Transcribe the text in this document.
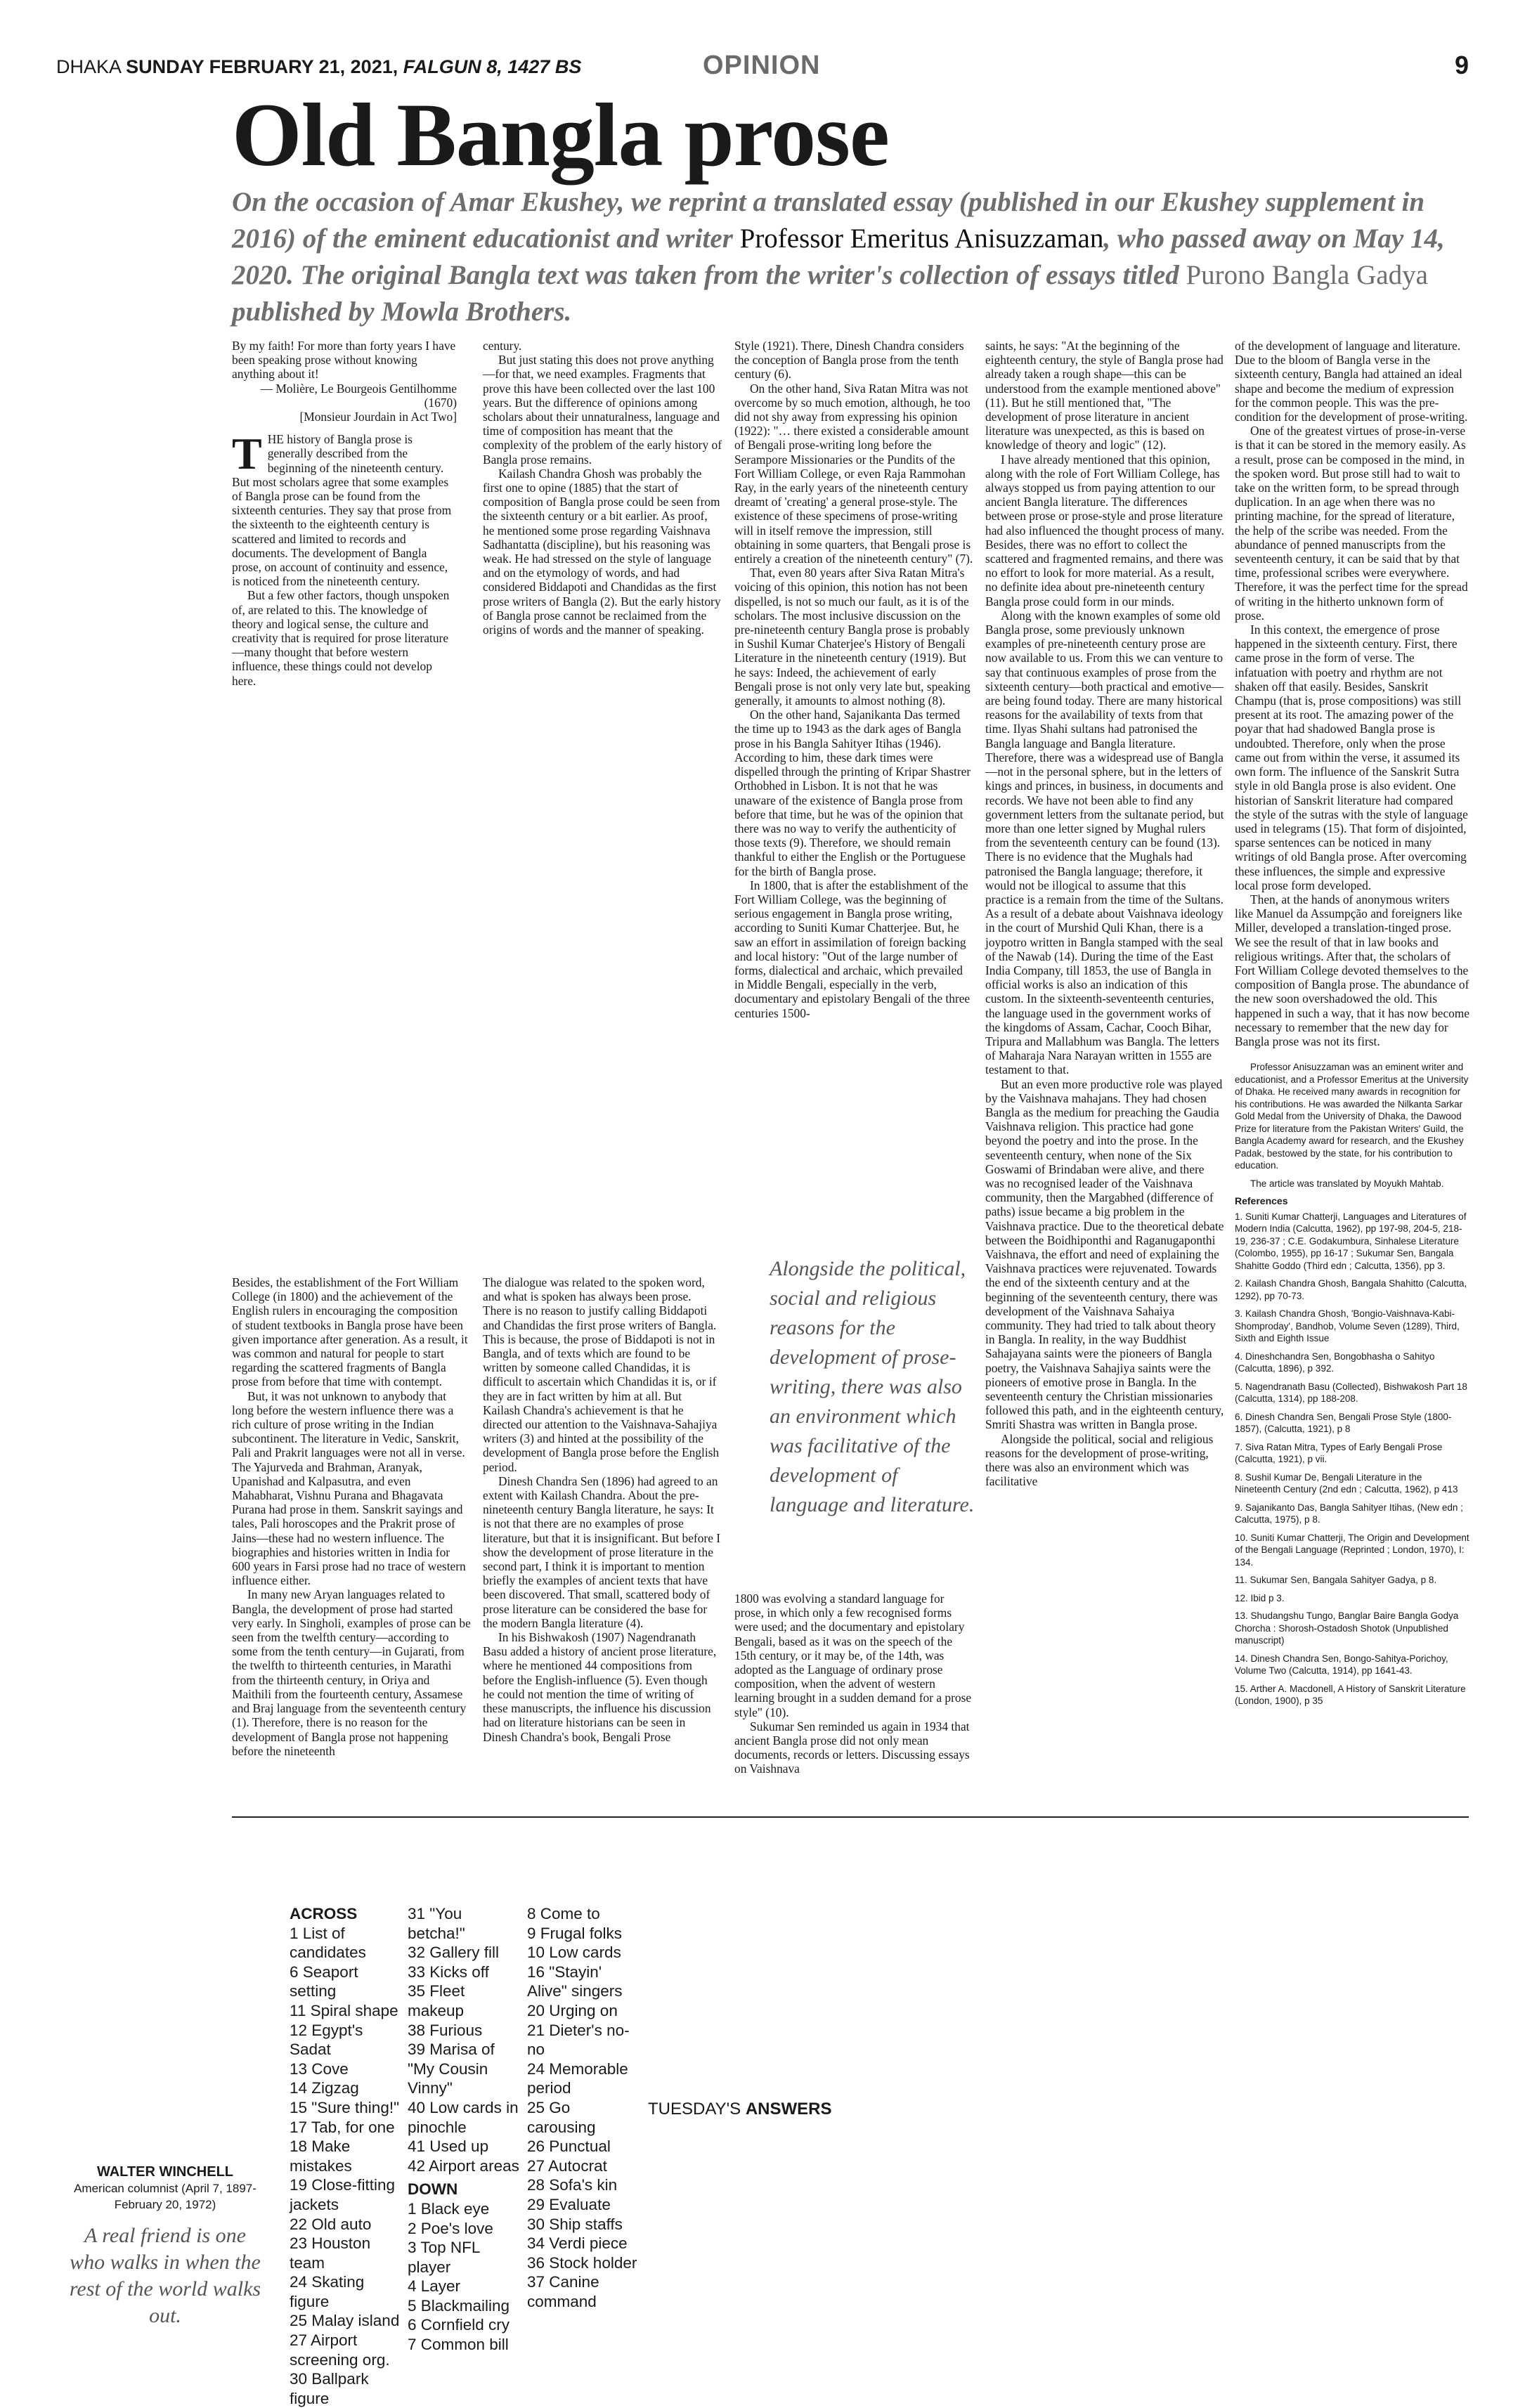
DHAKA SUNDAY FEBRUARY 21, 2021, FALGUN 8, 1427 BS	OPINION	9
Old Bangla prose
On the occasion of Amar Ekushey, we reprint a translated essay (published in our Ekushey supplement in 2016) of the eminent educationist and writer Professor Emeritus Anisuzzaman, who passed away on May 14, 2020. The original Bangla text was taken from the writer's collection of essays titled Purono Bangla Gadya published by Mowla Brothers.
By my faith! For more than forty years I have been speaking prose without knowing anything about it!
— Molière, Le Bourgeois Gentilhomme (1670)
[Monsieur Jourdain in Act Two]
T HE history of Bangla prose is generally described from the beginning of the nineteenth century. But most scholars agree that some examples of Bangla prose can be found from the sixteenth centuries. They say that prose from the sixteenth to the eighteenth century is scattered and limited to records and documents. The development of Bangla prose, on account of continuity and essence, is noticed from the nineteenth century.

But a few other factors, though unspoken of, are related to this. The knowledge of theory and logical sense, the culture and creativity that is required for prose literature—many thought that before western influence, these things could not develop here.

century.

But just stating this does not prove anything—for that, we need examples. Fragments that prove this have been collected over the last 100 years. But the difference of opinions among scholars about their unnaturalness, language and time of composition has meant that the complexity of the problem of the early history of Bangla prose remains.

Kailash Chandra Ghosh was probably the first one to opine (1885) that the start of composition of Bangla prose could be seen from the sixteenth century or a bit earlier. As proof, he mentioned some prose regarding Vaishnava Sadhantatta (discipline), but his reasoning was weak. He had stressed on the style of language and on the etymology of words, and had considered Biddapoti and Chandidas as the first prose writers of Bangla (2). But the early history of Bangla prose cannot be reclaimed from the origins of words and the manner of speaking.

Style (1921). There, Dinesh Chandra considers the conception of Bangla prose from the tenth century (6).

On the other hand, Siva Ratan Mitra was not overcome by so much emotion, although, he too did not shy away from expressing his opinion (1922): "… there existed a considerable amount of Bengali prose-writing long before the Serampore Missionaries or the Pundits of the Fort William College, or even Raja Rammohan Ray, in the early years of the nineteenth century dreamt of 'creating' a general prose-style. The existence of these specimens of prose-writing will in itself remove the impression, still obtaining in some quarters, that Bengali prose is entirely a creation of the nineteenth century" (7).

That, even 80 years after Siva Ratan Mitra's voicing of this opinion, this notion has not been dispelled, is not so much our fault, as it is of the scholars. The most inclusive discussion on the pre-nineteenth century Bangla prose is probably in Sushil Kumar Chaterjee's History of Bengali Literature in the nineteenth century (1919). But he says: Indeed, the achievement of early Bengali prose is not only very late but, speaking generally, it amounts to almost nothing (8).

On the other hand, Sajanikanta Das termed the time up to 1943 as the dark ages of Bangla prose in his Bangla Sahityer Itihas (1946). According to him, these dark times were dispelled through the printing of Kripar Shastrer Orthobhed in Lisbon. It is not that he was unaware of the existence of Bangla prose from before that time, but he was of the opinion that there was no way to verify the authenticity of those texts (9). Therefore, we should remain thankful to either the English or the Portuguese for the birth of Bangla prose.

In 1800, that is after the establishment of the Fort William College, was the beginning of serious engagement in Bangla prose writing, according to Suniti Kumar Chatterjee. But, he saw an effort in assimilation of foreign backing and local history: "Out of the large number of forms, dialectical and archaic, which prevailed in Middle Bengali, especially in the verb, documentary and epistolary Bengali of the three centuries 1500-

saints, he says: "At the beginning of the eighteenth century, the style of Bangla prose had already taken a rough shape—this can be understood from the example mentioned above" (11). But he still mentioned that, "The development of prose literature in ancient literature was unexpected, as this is based on knowledge of theory and logic" (12).

I have already mentioned that this opinion, along with the role of Fort William College, has always stopped us from paying attention to our ancient Bangla literature. The differences between prose or prose-style and prose literature had also influenced the thought process of many. Besides, there was no effort to collect the scattered and fragmented remains, and there was no effort to look for more material. As a result, no definite idea about pre-nineteenth century Bangla prose could form in our minds.

Along with the known examples of some old Bangla prose, some previously unknown examples of pre-nineteenth century prose are now available to us. From this we can venture to say that continuous examples of prose from the sixteenth century—both practical and emotive—are being found today. There are many historical reasons for the availability of texts from that time. Ilyas Shahi sultans had patronised the Bangla language and Bangla literature. Therefore, there was a widespread use of Bangla—not in the personal sphere, but in the letters of kings and princes, in business, in documents and records. We have not been able to find any government letters from the sultanate period, but more than one letter signed by Mughal rulers from the seventeenth century can be found (13). There is no evidence that the Mughals had patronised the Bangla language; therefore, it would not be illogical to assume that this practice is a remain from the time of the Sultans. As a result of a debate about Vaishnava ideology in the court of Murshid Quli Khan, there is a joypotro written in Bangla stamped with the seal of the Nawab (14). During the time of the East India Company, till 1853, the use of Bangla in official works is also an indication of this custom. In the sixteenth-seventeenth centuries, the language used in the government works of the kingdoms of Assam, Cachar, Cooch Bihar, Tripura and Mallabhum was Bangla. The letters of Maharaja Nara Narayan written in 1555 are testament to that.

But an even more productive role was played by the Vaishnava mahajans. They had chosen Bangla as the medium for preaching the Gaudia Vaishnava religion. This practice had gone beyond the poetry and into the prose. In the seventeenth century, when none of the Six Goswami of Brindaban were alive, and there was no recognised leader of the Vaishnava community, then the Margabhed (difference of paths) issue became a big problem in the Vaishnava practice. Due to the theoretical debate between the Boidhiponthi and Raganugaponthi Vaishnava, the effort and need of explaining the Vaishnava practices were rejuvenated. Towards the end of the sixteenth century and at the beginning of the seventeenth century, there was development of the Vaishnava Sahaiya community. They had tried to talk about theory in Bangla. In reality, in the way Buddhist Sahajayana saints were the pioneers of Bangla poetry, the Vaishnava Sahajiya saints were the pioneers of emotive prose in Bangla. In the seventeenth century the Christian missionaries followed this path, and in the eighteenth century, Smriti Shastra was written in Bangla prose.

Alongside the political, social and religious reasons for the development of prose-writing, there was also an environment which was facilitative

of the development of language and literature. Due to the bloom of Bangla verse in the sixteenth century, Bangla had attained an ideal shape and become the medium of expression for the common people. This was the pre-condition for the development of prose-writing.

One of the greatest virtues of prose-in-verse is that it can be stored in the memory easily. As a result, prose can be composed in the mind, in the spoken word. But prose still had to wait to take on the written form, to be spread through duplication. In an age when there was no printing machine, for the spread of literature, the help of the scribe was needed. From the abundance of penned manuscripts from the seventeenth century, it can be said that by that time, professional scribes were everywhere. Therefore, it was the perfect time for the spread of writing in the hitherto unknown form of prose.

In this context, the emergence of prose happened in the sixteenth century. First, there came prose in the form of verse. The infatuation with poetry and rhythm are not shaken off that easily. Besides, Sanskrit Champu (that is, prose compositions) was still present at its root. The amazing power of the poyar that had shadowed Bangla prose is undoubted. Therefore, only when the prose came out from within the verse, it assumed its own form. The influence of the Sanskrit Sutra style in old Bangla prose is also evident. One historian of Sanskrit literature had compared the style of the sutras with the style of language used in telegrams (15). That form of disjointed, sparse sentences can be noticed in many writings of old Bangla prose. After overcoming these influences, the simple and expressive local prose form developed.

Then, at the hands of anonymous writers like Manuel da Assumpção and foreigners like Miller, developed a translation-tinged prose. We see the result of that in law books and religious writings. After that, the scholars of Fort William College devoted themselves to the composition of Bangla prose. The abundance of the new soon overshadowed the old. This happened in such a way, that it has now become necessary to remember that the new day for Bangla prose was not its first.

Professor Anisuzzaman was an eminent writer and educationist, and a Professor Emeritus at the University of Dhaka. He received many awards in recognition for his contributions. He was awarded the Nilkanta Sarkar Gold Medal from the University of Dhaka, the Dawood Prize for literature from the Pakistan Writers' Guild, the Bangla Academy award for research, and the Ekushey Padak, bestowed by the state, for his contribution to education.

The article was translated by Moyukh Mahtab.

References
1. Suniti Kumar Chatterji, Languages and Literatures of Modern India (Calcutta, 1962), pp 197-98, 204-5, 218-19, 236-37 ; C.E. Godakumbura, Sinhalese Literature (Colombo, 1955), pp 16-17 ; Sukumar Sen, Bangala Shahitte Goddo (Third edn ; Calcutta, 1356), pp 3.
2. Kailash Chandra Ghosh, Bangala Shahitto (Calcutta, 1292), pp 70-73.
3. Kailash Chandra Ghosh, 'Bongio-Vaishnava-Kabi-Shomproday', Bandhob, Volume Seven (1289), Third, Sixth and Eighth Issue
4. Dineshchandra Sen, Bongobhasha o Sahityo (Calcutta, 1896), p 392.
5. Nagendranath Basu (Collected), Bishwakosh Part 18 (Calcutta, 1314), pp 188-208.
6. Dinesh Chandra Sen, Bengali Prose Style (1800-1857), (Calcutta, 1921), p 8
7. Siva Ratan Mitra, Types of Early Bengali Prose (Calcutta, 1921), p vii.
8. Sushil Kumar De, Bengali Literature in the Nineteenth Century (2nd edn ; Calcutta, 1962), p 413
9. Sajanikanto Das, Bangla Sahityer Itihas, (New edn ; Calcutta, 1975), p 8.
10. Suniti Kumar Chatterji, The Origin and Development of the Bengali Language (Reprinted ; London, 1970), I: 134.
11. Sukumar Sen, Bangala Sahityer Gadya, p 8.
12. Ibid p 3.
13. Shudangshu Tungo, Banglar Baire Bangla Godya Chorcha : Shorosh-Ostadosh Shotok (Unpublished manuscript)
14. Dinesh Chandra Sen, Bongo-Sahitya-Porichoy, Volume Two (Calcutta, 1914), pp 1641-43.
15. Arther A. Macdonell, A History of Sanskrit Literature (London, 1900), p 35

Besides, the establishment of the Fort William College (in 1800) and the achievement of the English rulers in encouraging the composition of student textbooks in Bangla prose have been given importance after generation. As a result, it was common and natural for people to start regarding the scattered fragments of Bangla prose from before that time with contempt.

But, it was not unknown to anybody that long before the western influence there was a rich culture of prose writing in the Indian subcontinent. The literature in Vedic, Sanskrit, Pali and Prakrit languages were not all in verse. The Yajurveda and Brahman, Aranyak, Upanishad and Kalpasutra, and even Mahabharat, Vishnu Purana and Bhagavata Purana had prose in them. Sanskrit sayings and tales, Pali horoscopes and the Prakrit prose of Jains—these had no western influence. The biographies and histories written in India for 600 years in Farsi prose had no trace of western influence either.

In many new Aryan languages related to Bangla, the development of prose had started very early. In Singholi, examples of prose can be seen from the twelfth century—according to some from the tenth century—in Gujarati, from the twelfth to thirteenth centuries, in Marathi from the thirteenth century, in Oriya and Maithili from the fourteenth century, Assamese and Braj language from the seventeenth century (1). Therefore, there is no reason for the development of Bangla prose not happening before the nineteenth

The dialogue was related to the spoken word, and what is spoken has always been prose. There is no reason to justify calling Biddapoti and Chandidas the first prose writers of Bangla. This is because, the prose of Biddapoti is not in Bangla, and of texts which are found to be written by someone called Chandidas, it is difficult to ascertain which Chandidas it is, or if they are in fact written by him at all. But Kailash Chandra's achievement is that he directed our attention to the Vaishnava-Sahajiya writers (3) and hinted at the possibility of the development of Bangla prose before the English period.

Dinesh Chandra Sen (1896) had agreed to an extent with Kailash Chandra. About the pre-nineteenth century Bangla literature, he says: It is not that there are no examples of prose literature, but that it is insignificant. But before I show the development of prose literature in the second part, I think it is important to mention briefly the examples of ancient texts that have been discovered. That small, scattered body of prose literature can be considered the base for the modern Bangla literature (4).

In his Bishwakosh (1907) Nagendranath Basu added a history of ancient prose literature, where he mentioned 44 compositions from before the English-influence (5). Even though he could not mention the time of writing of these manuscripts, the influence his discussion had on literature historians can be seen in Dinesh Chandra's book, Bengali Prose

Alongside the political, social and religious reasons for the development of prose-writing, there was also an environment which was facilitative of the development of language and literature.

1800 was evolving a standard language for prose, in which only a few recognised forms were used; and the documentary and epistolary Bengali, based as it was on the speech of the 15th century, or it may be, of the 14th, was adopted as the Language of ordinary prose composition, when the advent of western learning brought in a sudden demand for a prose style" (10).

Sukumar Sen reminded us again in 1934 that ancient Bangla prose did not only mean documents, records or letters. Discussing essays on Vaishnava

WALTER WINCHELL
American columnist (April 7, 1897-February 20, 1972)
A real friend is one who walks in when the rest of the world walks out.
ACROSS
1 List of candidates
6 Seaport setting
11 Spiral shape
12 Egypt's Sadat
13 Cove
14 Zigzag
15 "Sure thing!"
17 Tab, for one
18 Make mistakes
19 Close-fitting jackets
22 Old auto
23 Houston team
24 Skating figure
25 Malay island
27 Airport screening org.
30 Ballpark figure
31 "You betcha!"
32 Gallery fill
33 Kicks off
35 Fleet makeup
38 Furious
39 Marisa of "My Cousin Vinny"
40 Low cards in pinochle
41 Used up
42 Airport areas
DOWN
1 Black eye
2 Poe's love
3 Top NFL player
4 Layer
5 Blackmailing
6 Cornfield cry
7 Common bill
8 Come to
9 Frugal folks
10 Low cards
16 "Stayin' Alive" singers
20 Urging on
21 Dieter's no-no
24 Memorable period
25 Go carousing
26 Punctual
27 Autocrat
28 Sofa's kin
29 Evaluate
30 Ship staffs
34 Verdi piece
36 Stock holder
37 Canine command
TUESDAY'S ANSWERS
